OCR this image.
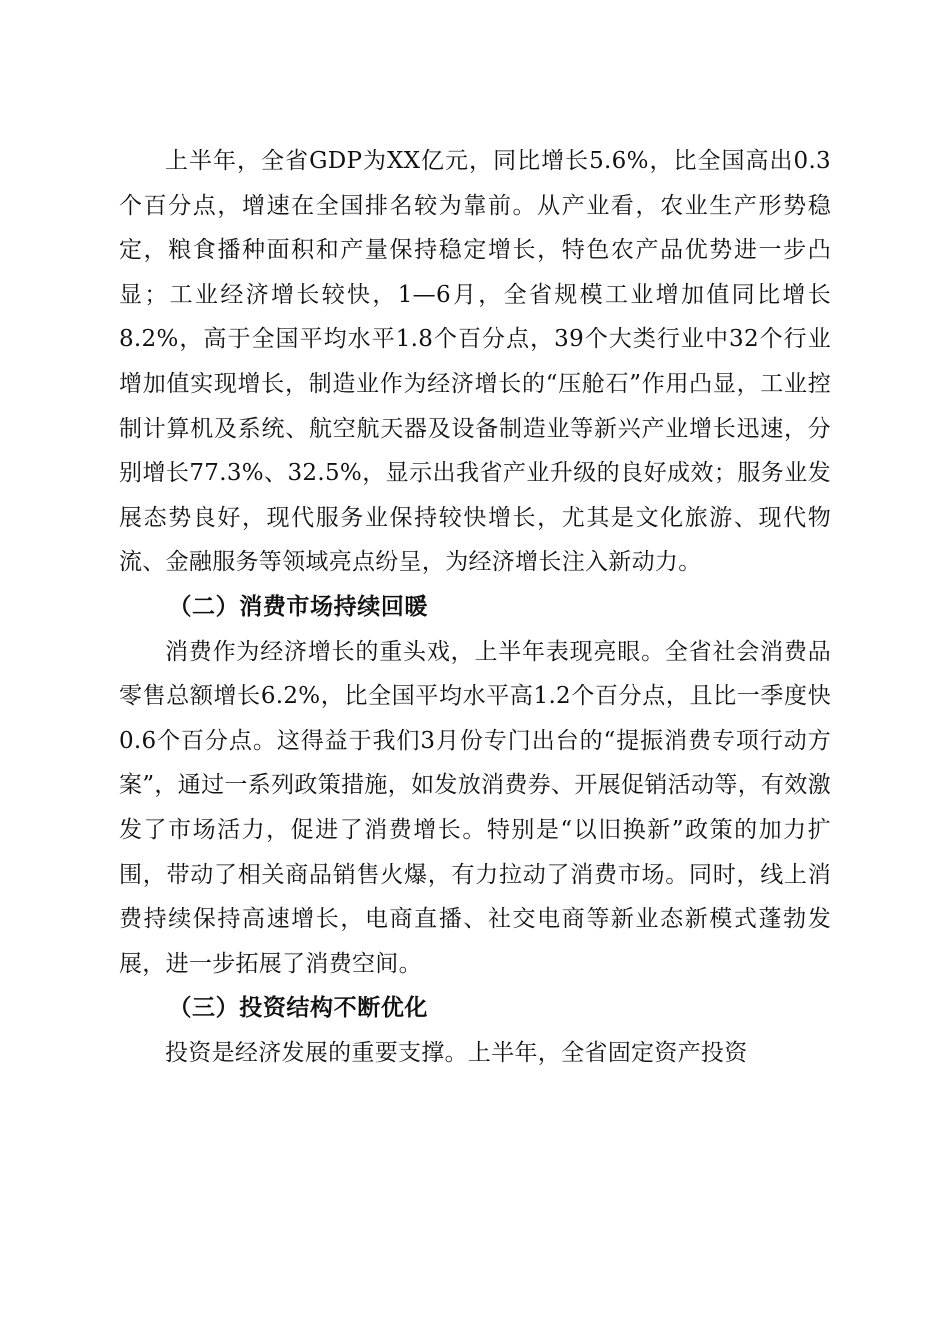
上半年，全省GDP为XX亿元，同比增长5.6%，比全国高出0.3个百分点，增速在全国排名较为靠前。从产业看，农业生产形势稳定，粮食播种面积和产量保持稳定增长，特色农产品优势进一步凸显；工业经济增长较快，1—6月，全省规模工业增加值同比增长8.2%，高于全国平均水平1.8个百分点，39个大类行业中32个行业增加值实现增长，制造业作为经济增长的“压舱石”作用凸显，工业控制计算机及系统、航空航天器及设备制造业等新兴产业增长迅速，分别增长77.3%、32.5%，显示出我省产业升级的良好成效；服务业发展态势良好，现代服务业保持较快增长，尤其是文化旅游、现代物流、金融服务等领域亮点纷呈，为经济增长注入新动力。

（二）消费市场持续回暖

消费作为经济增长的重头戏，上半年表现亮眼。全省社会消费品零售总额增长6.2%，比全国平均水平高1.2个百分点，且比一季度快0.6个百分点。这得益于我们3月份专门出台的“提振消费专项行动方案”，通过一系列政策措施，如发放消费券、开展促销活动等，有效激发了市场活力，促进了消费增长。特别是“以旧换新”政策的加力扩围，带动了相关商品销售火爆，有力拉动了消费市场。同时，线上消费持续保持高速增长，电商直播、社交电商等新业态新模式蓬勃发展，进一步拓展了消费空间。

（三）投资结构不断优化

投资是经济发展的重要支撑。上半年，全省固定资产投资
